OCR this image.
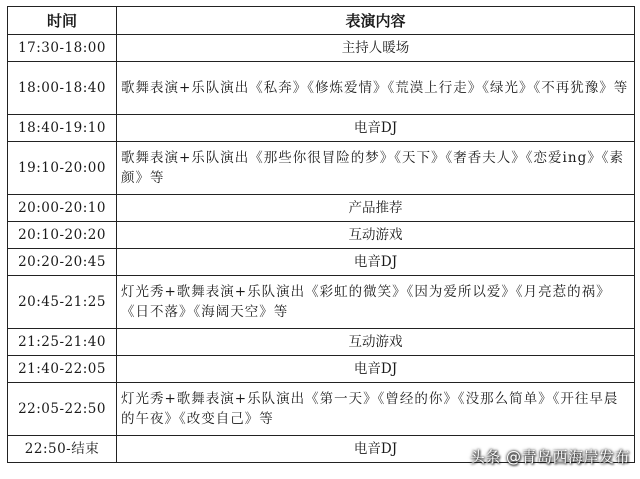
时间	表演内容
17:30-18:00	主持人暖场
18:00-18:40	歌舞表演+乐队演出《私奔》《修炼爱情》《荒漠上行走》《绿光》《不再犹豫》等
18:40-19:10	电音DJ
19:10-20:00	歌舞表演+乐队演出《那些你很冒险的梦》《天下》《奢香夫人》《恋爱ing》《素颜》等
20:00-20:10	产品推荐
20:10-20:20	互动游戏
20:20-20:45	电音DJ
20:45-21:25	灯光秀+歌舞表演+乐队演出《彩虹的微笑》《因为爱所以爱》《月亮惹的祸》《日不落》《海阔天空》等
21:25-21:40	互动游戏
21:40-22:05	电音DJ
22:05-22:50	灯光秀+歌舞表演+乐队演出《第一天》《曾经的你》《没那么简单》《开往早晨的午夜》《改变自己》等
22:50-结束	电音DJ	头条 @青岛西海岸发布
